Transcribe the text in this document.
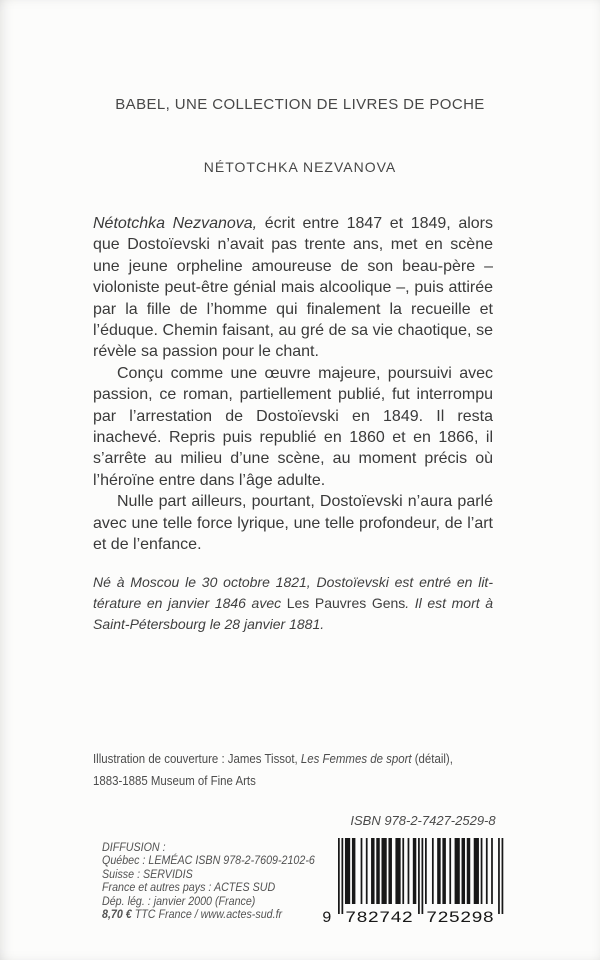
BABEL, UNE COLLECTION DE LIVRES DE POCHE
NÉTOTCHKA NEZVANOVA

Nétotchka Nezvanova, écrit entre 1847 et 1849, alors que Dostoïevski n’avait pas trente ans, met en scène une jeune orpheline amoureuse de son beau-père – violoniste peut-être génial mais alcoolique –, puis attirée par la fille de l’homme qui finalement la recueille et l’éduque. Chemin faisant, au gré de sa vie chaotique, se révèle sa passion pour le chant.

Conçu comme une œuvre majeure, poursuivi avec passion, ce roman, partiellement publié, fut interrompu par l’arrestation de Dostoïevski en 1849. Il resta inachevé. Repris puis republié en 1860 et en 1866, il s’arrête au milieu d’une scène, au moment précis où l’héroïne entre dans l’âge adulte.

Nulle part ailleurs, pourtant, Dostoïevski n’aura parlé avec une telle force lyrique, une telle profondeur, de l’art et de l’enfance.

Né à Moscou le 30 octobre 1821, Dostoïevski est entré en littérature en janvier 1846 avec Les Pauvres Gens. Il est mort à Saint-Pétersbourg le 28 janvier 1881.
Illustration de couverture : James Tissot, Les Femmes de sport (détail),
1883-1885 Museum of Fine Arts
ISBN 978-2-7427-2529-8
DIFFUSION :
Québec : LEMÉAC ISBN 978-2-7609-2102-6
Suisse : SERVIDIS
France et autres pays : ACTES SUD
Dép. lég. : janvier 2000 (France)
8,70 € TTC France / www.actes-sud.fr	9 782742 725298
